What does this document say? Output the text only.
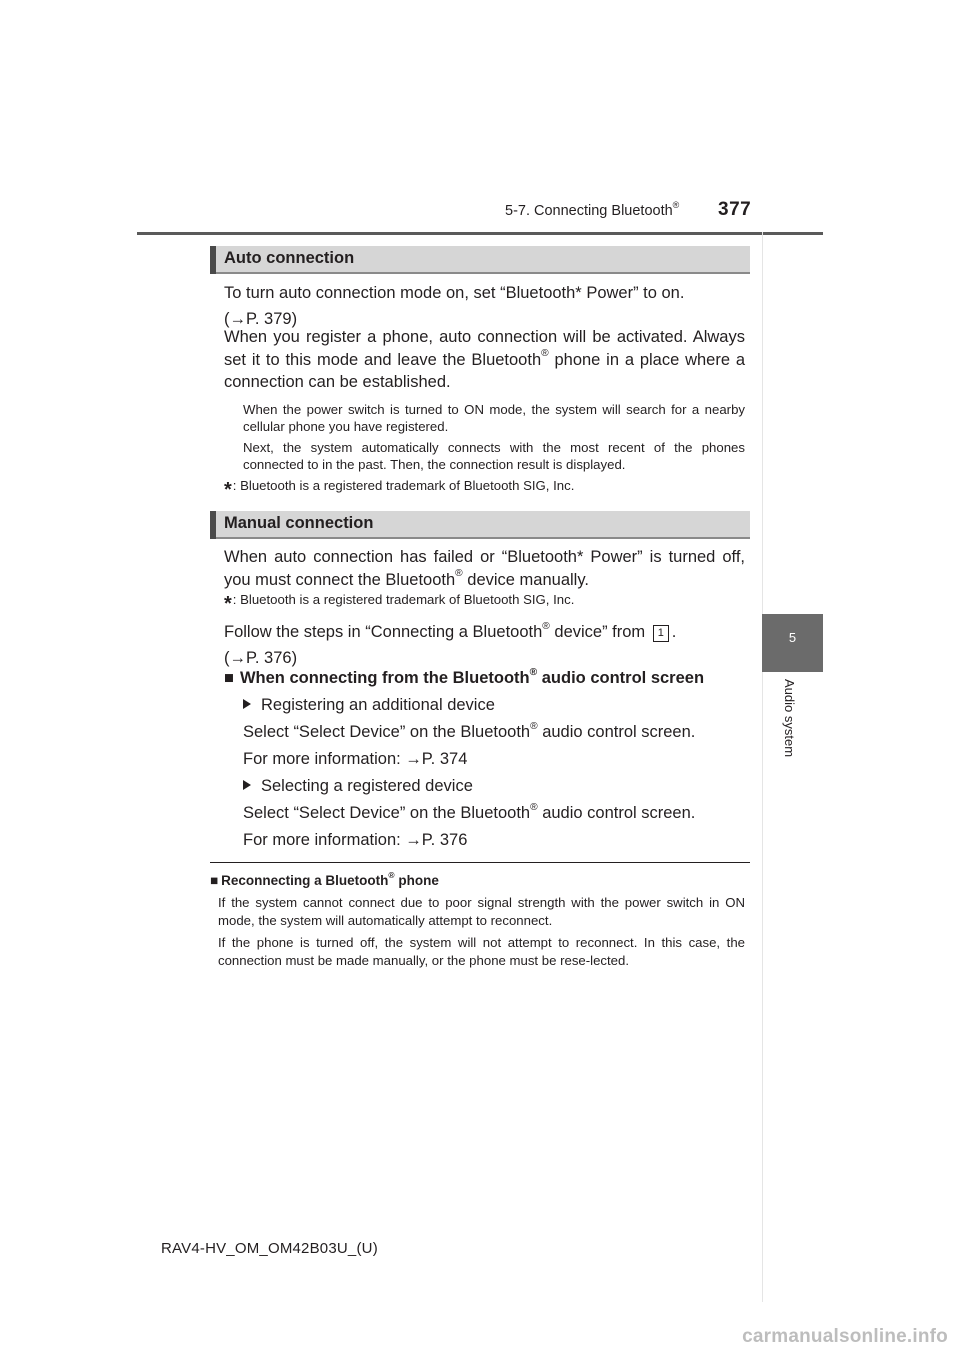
5-7. Connecting Bluetooth® 377
5
Audio system
Auto connection
To turn auto connection mode on, set “Bluetooth* Power” to on.
(→P. 379)
When you register a phone, auto connection will be activated. Always set it to this mode and leave the Bluetooth® phone in a place where a connection can be established.
When the power switch is turned to ON mode, the system will search for a nearby cellular phone you have registered.
Next, the system automatically connects with the most recent of the phones connected to in the past. Then, the connection result is displayed.
*: Bluetooth is a registered trademark of Bluetooth SIG, Inc.
Manual connection
When auto connection has failed or “Bluetooth* Power” is turned off, you must connect the Bluetooth® device manually.
*: Bluetooth is a registered trademark of Bluetooth SIG, Inc.
Follow the steps in “Connecting a Bluetooth® device” from 1 .
(→P. 376)
■ When connecting from the Bluetooth® audio control screen
Registering an additional device
Select “Select Device” on the Bluetooth® audio control screen.
For more information: →P. 374
Selecting a registered device
Select “Select Device” on the Bluetooth® audio control screen.
For more information: →P. 376
■ Reconnecting a Bluetooth® phone
If the system cannot connect due to poor signal strength with the power switch in ON mode, the system will automatically attempt to reconnect.
If the phone is turned off, the system will not attempt to reconnect. In this case, the connection must be made manually, or the phone must be rese-lected.
RAV4-HV_OM_OM42B03U_(U)
carmanualsonline.info
